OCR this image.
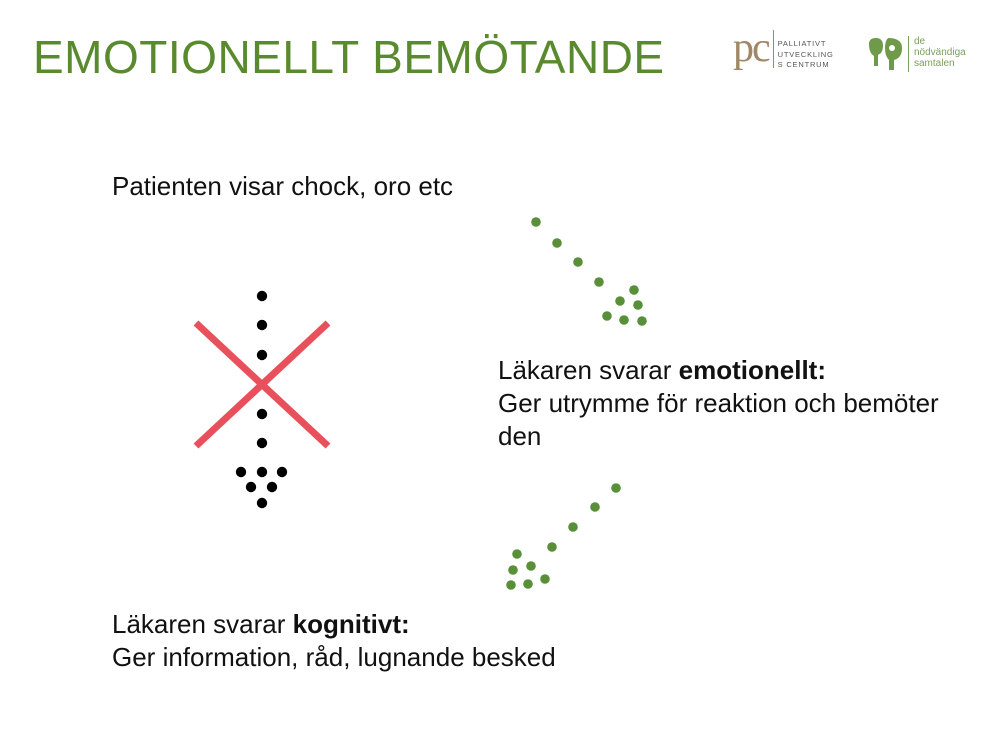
EMOTIONELLT BEMÖTANDE pc PALLIATIVT
UTVECKLING
S CENTRUM
de
nödvändiga
samtalen
Patienten visar chock, oro etc
Läkaren svarar emotionellt:
Ger utrymme för reaktion och bemöter
den
Läkaren svarar kognitivt:
Ger information, råd, lugnande besked
